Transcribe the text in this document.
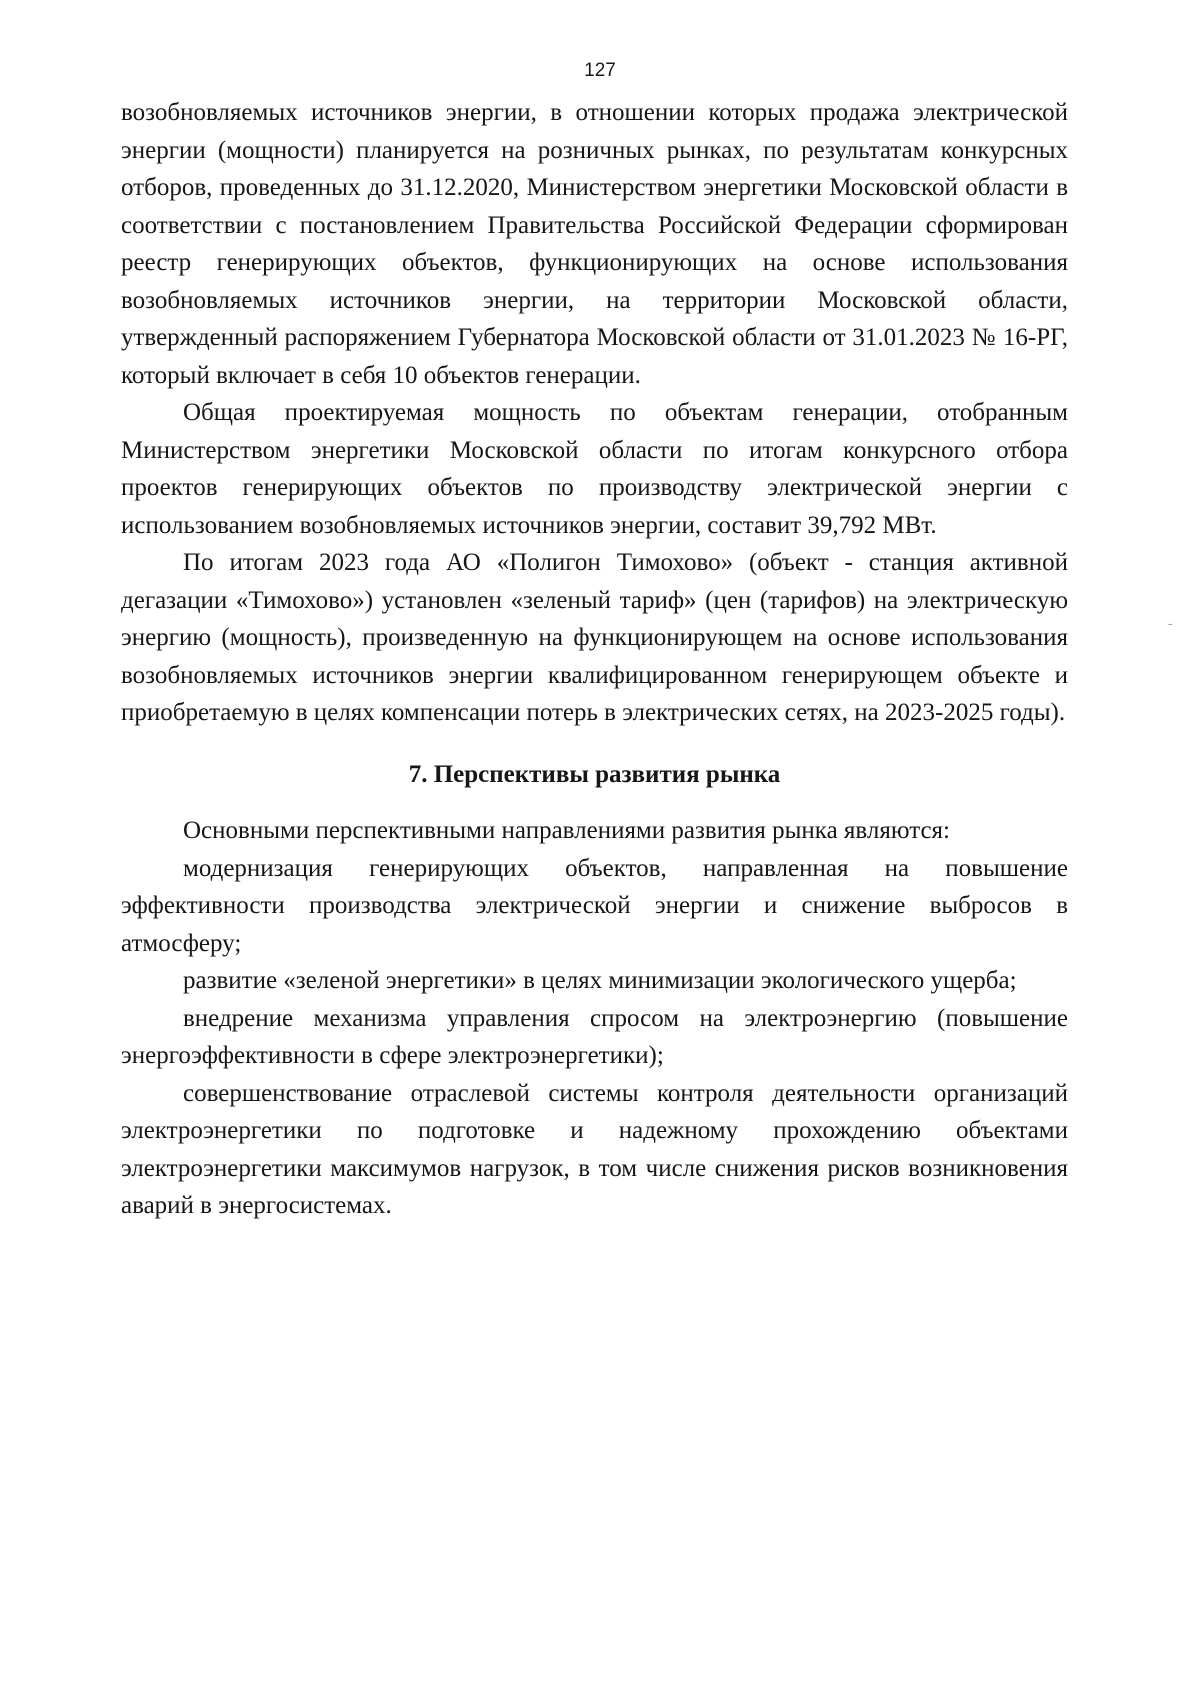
127

возобновляемых источников энергии, в отношении которых продажа электрической энергии (мощности) планируется на розничных рынках, по результатам конкурсных отборов, проведенных до 31.12.2020, Министерством энергетики Московской области в соответствии с постановлением Правительства Российской Федерации сформирован реестр генерирующих объектов, функционирующих на основе использования возобновляемых источников энергии, на территории Московской области, утвержденный распоряжением Губернатора Московской области от 31.01.2023 № 16-РГ, который включает в себя 10 объектов генерации.

Общая проектируемая мощность по объектам генерации, отобранным Министерством энергетики Московской области по итогам конкурсного отбора проектов генерирующих объектов по производству электрической энергии с использованием возобновляемых источников энергии, составит 39,792 МВт.

По итогам 2023 года АО «Полигон Тимохово» (объект - станция активной дегазации «Тимохово») установлен «зеленый тариф» (цен (тарифов) на электрическую энергию (мощность), произведенную на функционирующем на основе использования возобновляемых источников энергии квалифицированном генерирующем объекте и приобретаемую в целях компенсации потерь в электрических сетях, на 2023-2025 годы).

7. Перспективы развития рынка

Основными перспективными направлениями развития рынка являются:

модернизация генерирующих объектов, направленная на повышение эффективности производства электрической энергии и снижение выбросов в атмосферу;

развитие «зеленой энергетики» в целях минимизации экологического ущерба;

внедрение механизма управления спросом на электроэнергию (повышение энергоэффективности в сфере электроэнергетики);

совершенствование отраслевой системы контроля деятельности организаций электроэнергетики по подготовке и надежному прохождению объектами электроэнергетики максимумов нагрузок, в том числе снижения рисков возникновения аварий в энергосистемах.

-
